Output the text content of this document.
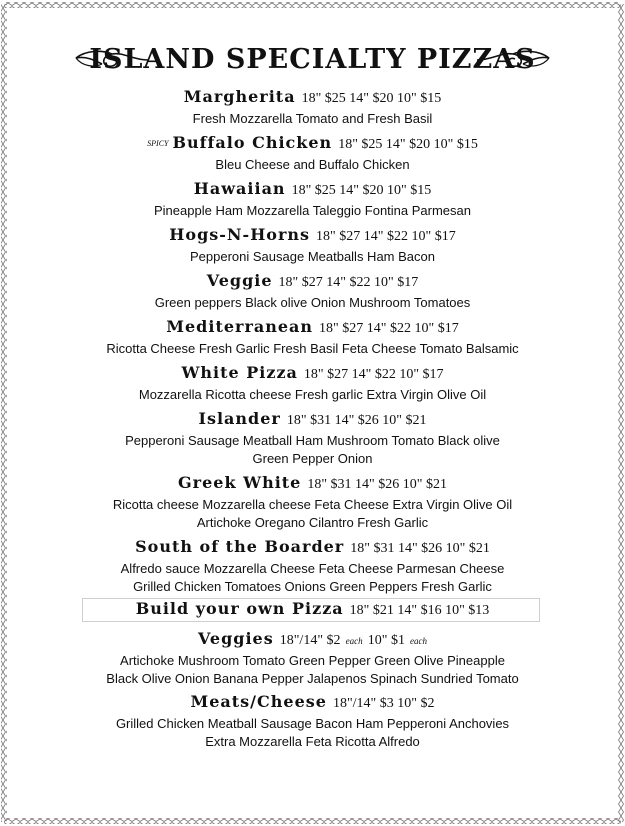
ISLAND SPECIALTY PIZZAS
Margherita 18" $25 14" $20 10" $15
Fresh Mozzarella Tomato and Fresh Basil
SPICY Buffalo Chicken 18" $25 14" $20 10" $15
Bleu Cheese and Buffalo Chicken
Hawaiian 18" $25 14" $20 10" $15
Pineapple Ham Mozzarella Taleggio Fontina Parmesan
Hogs-N-Horns 18" $27 14" $22 10" $17
Pepperoni Sausage Meatballs Ham Bacon
Veggie 18" $27 14" $22 10" $17
Green peppers Black olive Onion Mushroom Tomatoes
Mediterranean 18" $27 14" $22 10" $17
Ricotta Cheese Fresh Garlic Fresh Basil Feta Cheese Tomato Balsamic
White Pizza 18" $27 14" $22 10" $17
Mozzarella Ricotta cheese Fresh garlic Extra Virgin Olive Oil
Islander 18" $31 14" $26 10" $21
Pepperoni Sausage Meatball Ham Mushroom Tomato Black olive
Green Pepper Onion
Greek White 18" $31 14" $26 10" $21
Ricotta cheese Mozzarella cheese Feta Cheese Extra Virgin Olive Oil
Artichoke Oregano Cilantro Fresh Garlic
South of the Boarder 18" $31 14" $26 10" $21
Alfredo sauce Mozzarella Cheese Feta Cheese Parmesan Cheese
Grilled Chicken Tomatoes Onions Green Peppers Fresh Garlic
Build your own Pizza 18" $21 14" $16 10" $13
Veggies 18"/14" $2 each 10" $1 each
Artichoke Mushroom Tomato Green Pepper Green Olive Pineapple
Black Olive Onion Banana Pepper Jalapenos Spinach Sundried Tomato
Meats/Cheese 18"/14" $3 10" $2
Grilled Chicken Meatball Sausage Bacon Ham Pepperoni Anchovies
Extra Mozzarella Feta Ricotta Alfredo
